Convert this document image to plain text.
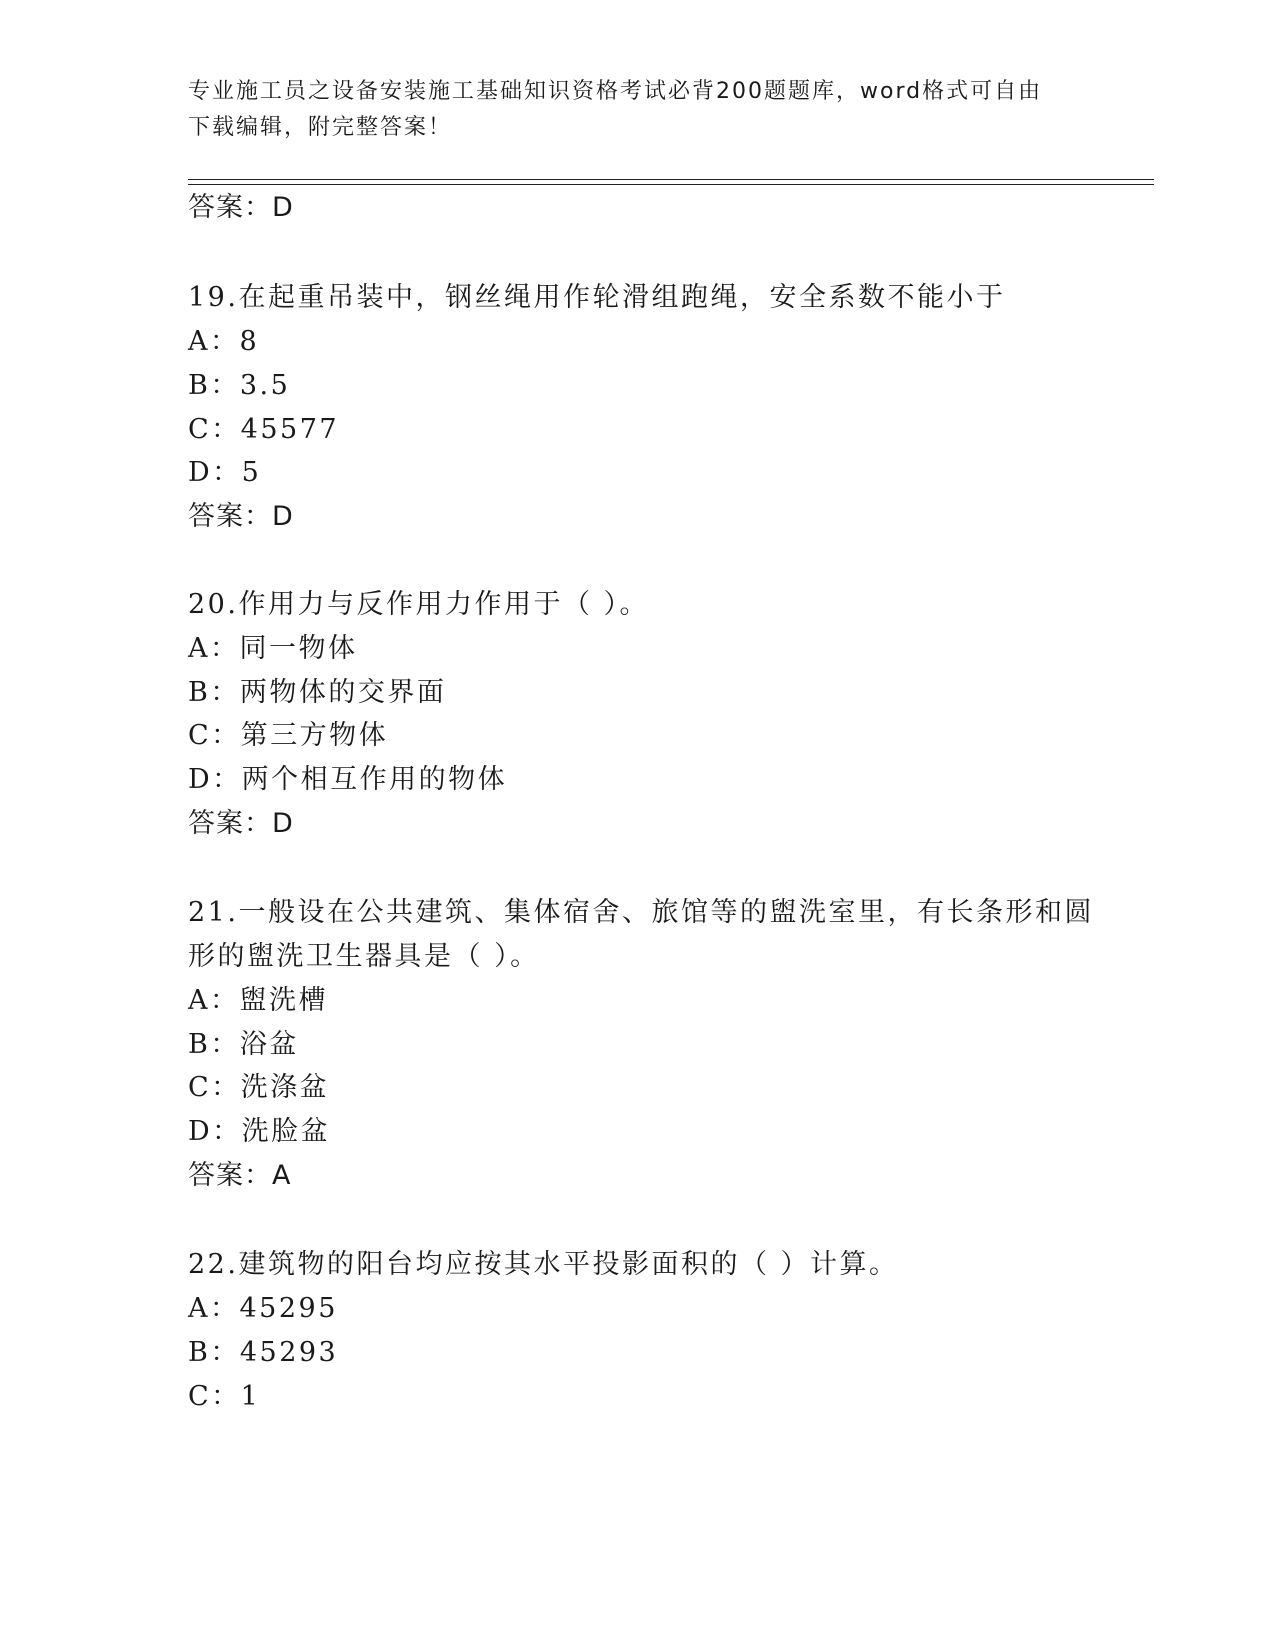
专业施工员之设备安装施工基础知识资格考试必背200题题库，word格式可自由
下载编辑，附完整答案！
答案：D
19.在起重吊装中，钢丝绳用作轮滑组跑绳，安全系数不能小于
A：8
B：3.5
C：45577
D：5
答案：D
20.作用力与反作用力作用于（ ）。
A：同一物体
B：两物体的交界面
C：第三方物体
D：两个相互作用的物体
答案：D
21.一般设在公共建筑、集体宿舍、旅馆等的盥洗室里，有长条形和圆
形的盥洗卫生器具是（ ）。
A：盥洗槽
B：浴盆
C：洗涤盆
D：洗脸盆
答案：A
22.建筑物的阳台均应按其水平投影面积的（ ）计算。
A：45295
B：45293
C：1
